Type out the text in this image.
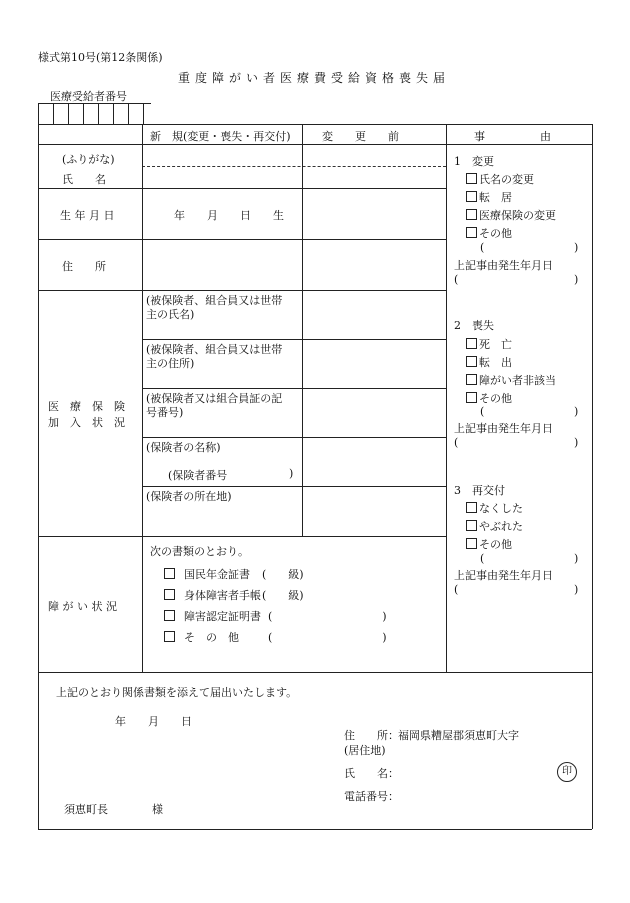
様式第10号(第12条関係)
重度障がい者医療費受給資格喪失届
医療受給者番号
新　規(変更・喪失・再交付)	変　　更　　前	事　　　　　由
(ふりがな)
氏　　名
生 年 月 日	年　　月　　日　　生
住　　所
医　療　保　険
加　入　状　況
(被保険者、組合員又は世帯
主の氏名)
(被保険者、組合員又は世帯
主の住所)
(被保険者又は組合員証の記
号番号)
(保険者の名称)
(保険者番号	)
(保険者の所在地)
障 が い 状 況
次の書類のとおり。
国民年金証書 (　　級)
身体障害者手帳 (　　級)
障害認定証明書 (　　　　　　　　　　)
そ　の　他	(　　　　　　　　　　)
1　変更
氏名の変更
転　居
医療保険の変更
その他
(	)
上記事由発生年月日
(	)
2　喪失
死　亡
転　出
障がい者非該当
その他
(	)
上記事由発生年月日
(	)
3　再交付
なくした
やぶれた
その他
(	)
上記事由発生年月日
(	)
上記のとおり関係書類を添えて届出いたします。
年　　月　　日
住　　所： 福岡県糟屋郡須恵町大字
(居住地)
氏　　名：	印
電話番号：
須恵町長　　　　様
